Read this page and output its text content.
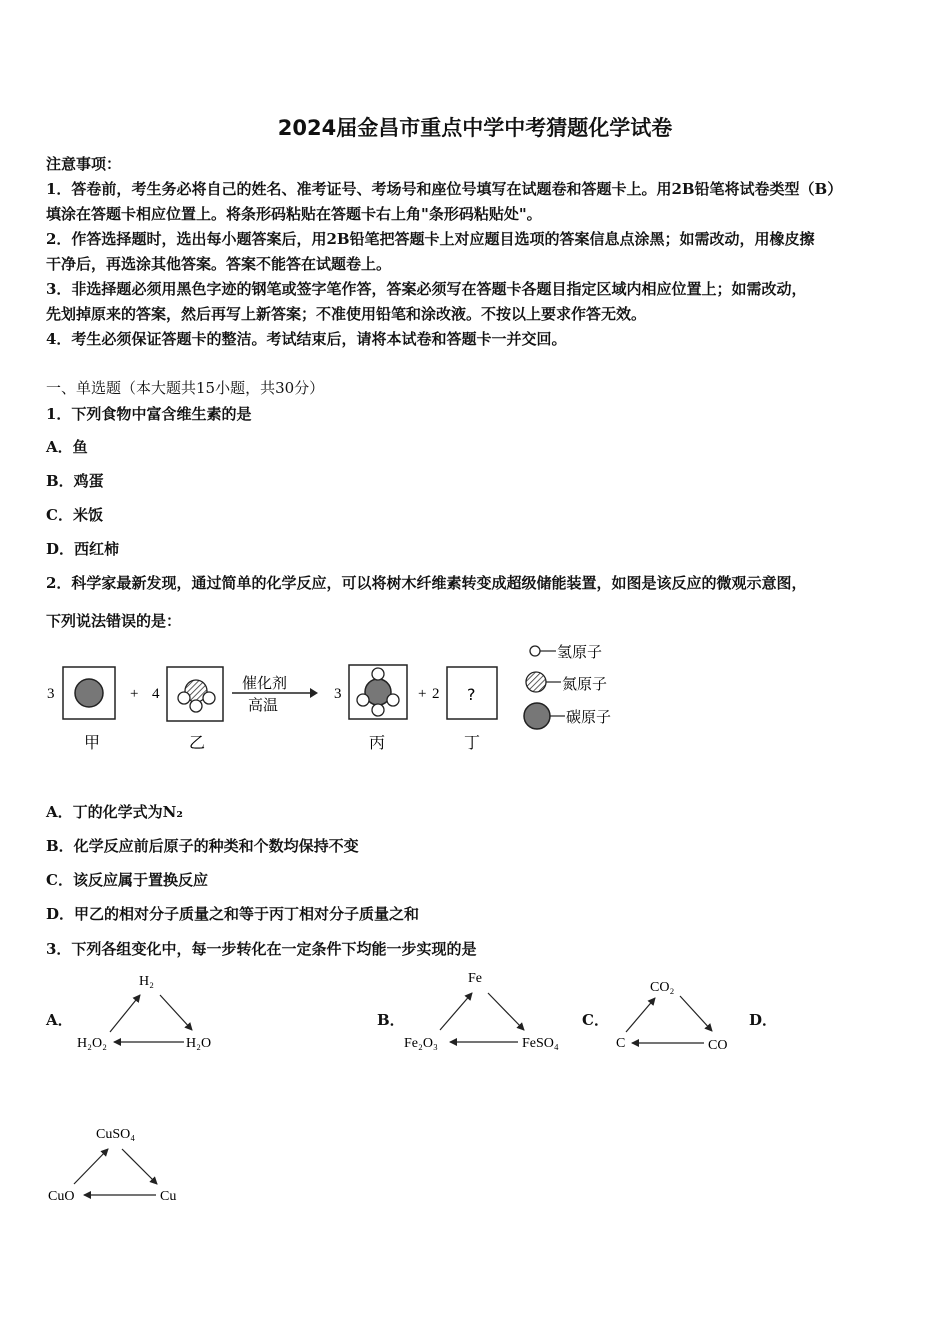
2024届金昌市重点中学中考猜题化学试卷
注意事项：
1．答卷前，考生务必将自己的姓名、准考证号、考场号和座位号填写在试题卷和答题卡上。用2B铅笔将试卷类型（B）
填涂在答题卡相应位置上。将条形码粘贴在答题卡右上角"条形码粘贴处"。
2．作答选择题时，选出每小题答案后，用2B铅笔把答题卡上对应题目选项的答案信息点涂黑；如需改动，用橡皮擦
干净后，再选涂其他答案。答案不能答在试题卷上。
3．非选择题必须用黑色字迹的钢笔或签字笔作答，答案必须写在答题卡各题目指定区域内相应位置上；如需改动，
先划掉原来的答案，然后再写上新答案；不准使用铅笔和涂改液。不按以上要求作答无效。
4．考生必须保证答题卡的整洁。考试结束后，请将本试卷和答题卡一并交回。
一、单选题（本大题共15小题，共30分）
1．下列食物中富含维生素的是
A．鱼
B．鸡蛋
C．米饭
D．西红柿
2．科学家最新发现，通过简单的化学反应，可以将树木纤维素转变成超级储能装置，如图是该反应的微观示意图，
下列说法错误的是：
3	+ 4
催化剂
高温
3	+ 2 ?
甲	乙	丙	丁
氢原子
氮原子
碳原子
A．丁的化学式为N₂
B．化学反应前后原子的种类和个数均保持不变
C．该反应属于置换反应
D．甲乙的相对分子质量之和等于丙丁相对分子质量之和
3．下列各组变化中，每一步转化在一定条件下均能一步实现的是
A．	B．	C．	D．
H₂
H₂O₂	H₂O
Fe
Fe₂O₃	FeSO₄
CO₂
C	CO
CuSO₄
CuO	Cu
